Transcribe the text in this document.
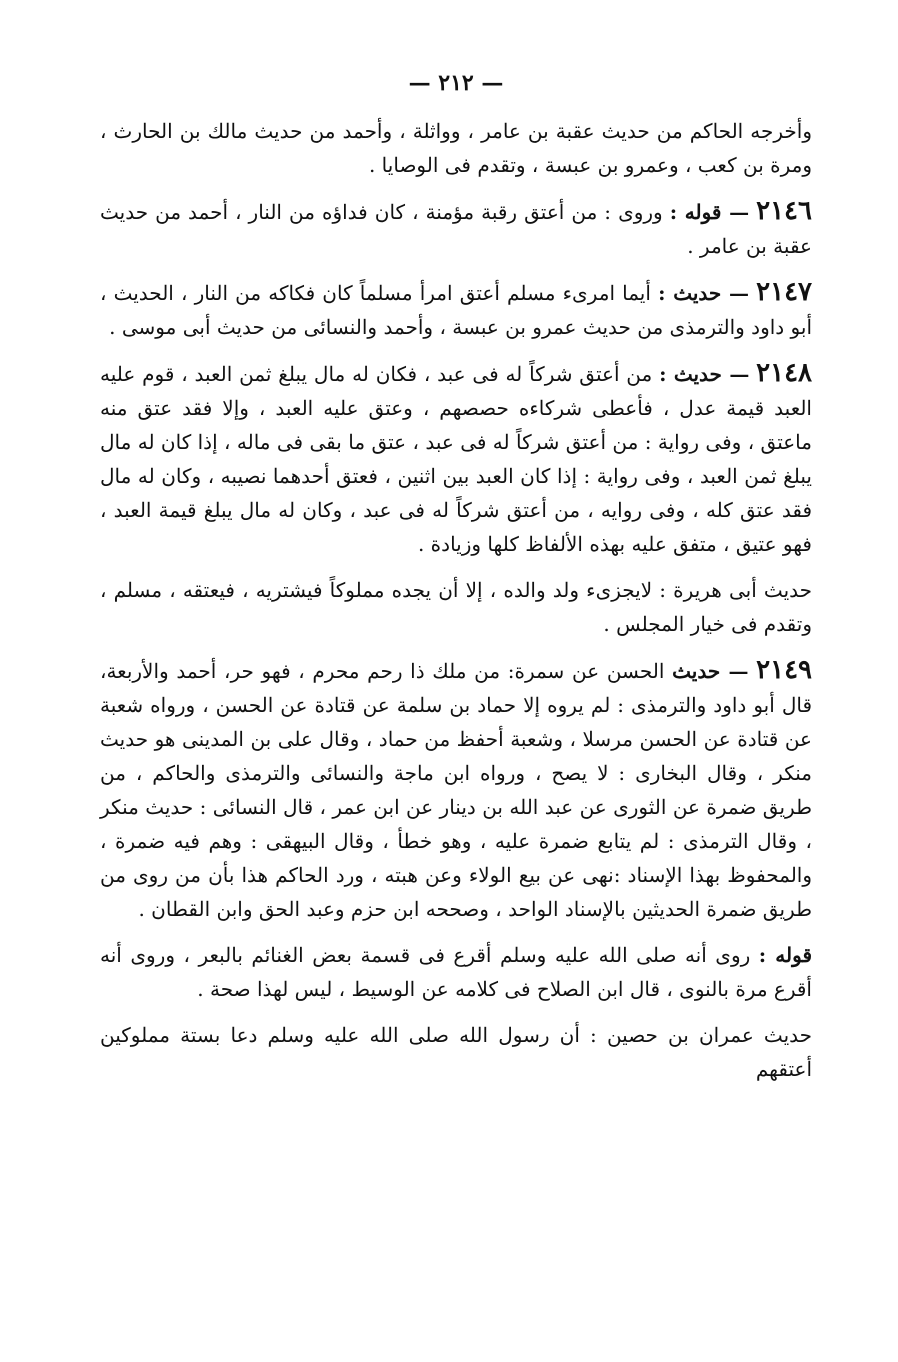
— ٢١٢ —

وأخرجه الحاكم من حديث عقبة بن عامر ، وواثلة ، وأحمد من حديث مالك بن الحارث ، ومرة بن كعب ، وعمرو بن عبسة ، وتقدم فى الوصايا .

٢١٤٦ — قوله : وروى : من أعتق رقبة مؤمنة ، كان فداؤه من النار ، أحمد من حديث عقبة بن عامر .

٢١٤٧ — حديث : أيما امرىء مسلم أعتق امرأ مسلماً كان فكاكه من النار ، الحديث ، أبو داود والترمذى من حديث عمرو بن عبسة ، وأحمد والنسائى من حديث أبى موسى .

٢١٤٨ — حديث : من أعتق شركاً له فى عبد ، فكان له مال يبلغ ثمن العبد ، قوم عليه العبد قيمة عدل ، فأعطى شركاءه حصصهم ، وعتق عليه العبد ، وإلا فقد عتق منه ماعتق ، وفى رواية : من أعتق شركاً له فى عبد ، عتق ما بقى فى ماله ، إذا كان له مال يبلغ ثمن العبد ، وفى رواية : إذا كان العبد بين اثنين ، فعتق أحدهما نصيبه ، وكان له مال فقد عتق كله ، وفى روايه ، من أعتق شركاً له فى عبد ، وكان له مال يبلغ قيمة العبد ، فهو عتيق ، متفق عليه بهذه الألفاظ كلها وزيادة .

حديث أبى هريرة : لايجزىء ولد والده ، إلا أن يجده مملوكاً فيشتريه ، فيعتقه ، مسلم ، وتقدم فى خيار المجلس .

٢١٤٩ — حديث الحسن عن سمرة: من ملك ذا رحم محرم ، فهو حر، أحمد والأربعة، قال أبو داود والترمذى : لم يروه إلا حماد بن سلمة عن قتادة عن الحسن ، ورواه شعبة عن قتادة عن الحسن مرسلا ، وشعبة أحفظ من حماد ، وقال على بن المدينى هو حديث منكر ، وقال البخارى : لا يصح ، ورواه ابن ماجة والنسائى والترمذى والحاكم ، من طريق ضمرة عن الثورى عن عبد الله بن دينار عن ابن عمر ، قال النسائى : حديث منكر ، وقال الترمذى : لم يتابع ضمرة عليه ، وهو خطأ ، وقال البيهقى : وهم فيه ضمرة ، والمحفوظ بهذا الإسناد :نهى عن بيع الولاء وعن هبته ، ورد الحاكم هذا بأن من روى من طريق ضمرة الحديثين بالإسناد الواحد ، وصححه ابن حزم وعبد الحق وابن القطان .

قوله : روى أنه صلى الله عليه وسلم أقرع فى قسمة بعض الغنائم بالبعر ، وروى أنه أقرع مرة بالنوى ، قال ابن الصلاح فى كلامه عن الوسيط ، ليس لهذا صحة .

حديث عمران بن حصين : أن رسول الله صلى الله عليه وسلم دعا بستة مملوكين أعتقهم
